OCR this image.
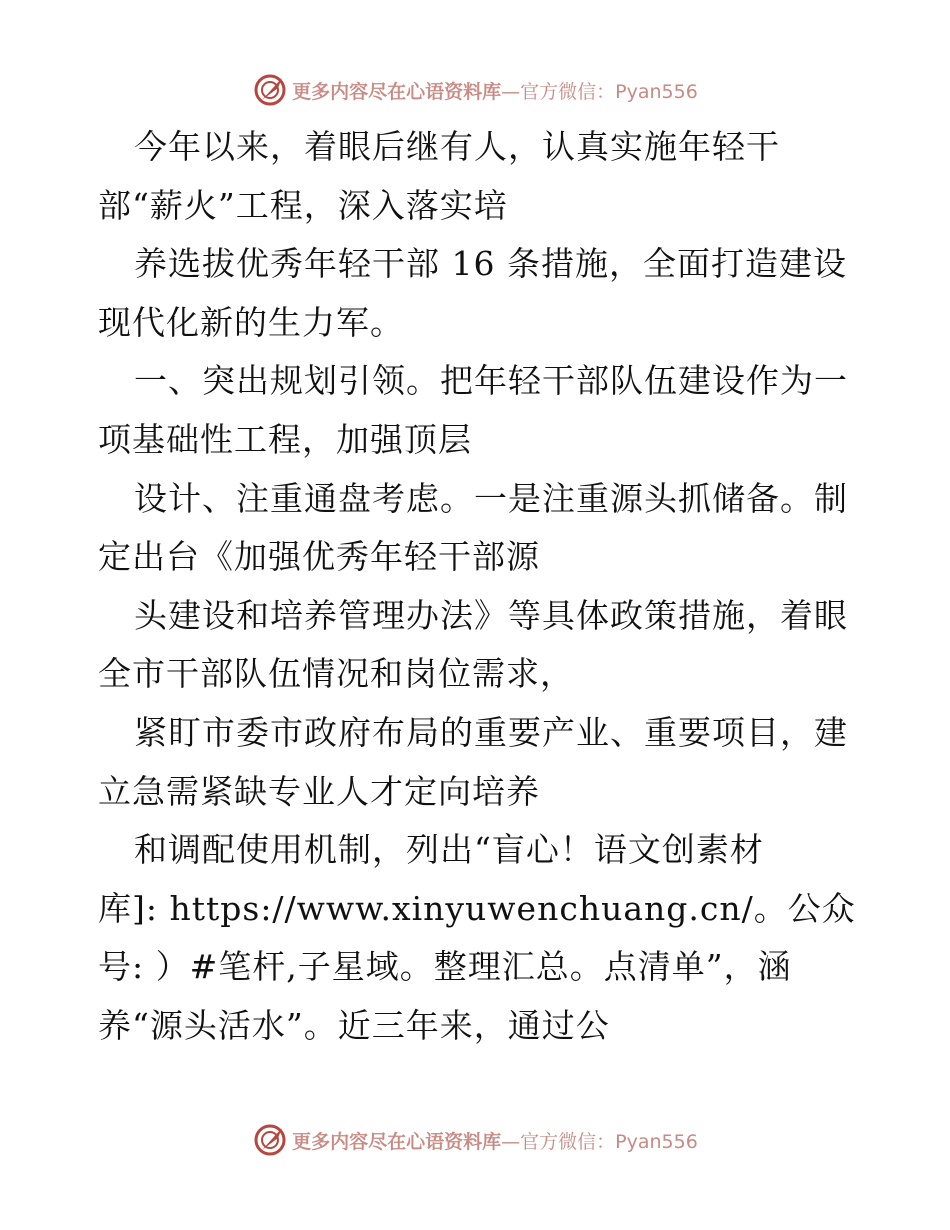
更多内容尽在心语资料库—官方微信：Pyan556
今年以来，着眼后继有人，认真实施年轻干
部“薪火”工程，深入落实培
养选拔优秀年轻干部 16 条措施，全面打造建设
现代化新的生力军。
一、突出规划引领。把年轻干部队伍建设作为一
项基础性工程，加强顶层
设计、注重通盘考虑。一是注重源头抓储备。制
定出台《加强优秀年轻干部源
头建设和培养管理办法》等具体政策措施，着眼
全市干部队伍情况和岗位需求，
紧盯市委市政府布局的重要产业、重要项目，建
立急需紧缺专业人才定向培养
和调配使用机制，列出“盲心！语文创素材
库]: https://www.xinyuwenchuang.cn/。公众
号: ）#笔杆,子星域。整理汇总。点清单”，涵
养“源头活水”。近三年来，通过公
更多内容尽在心语资料库—官方微信：Pyan556
